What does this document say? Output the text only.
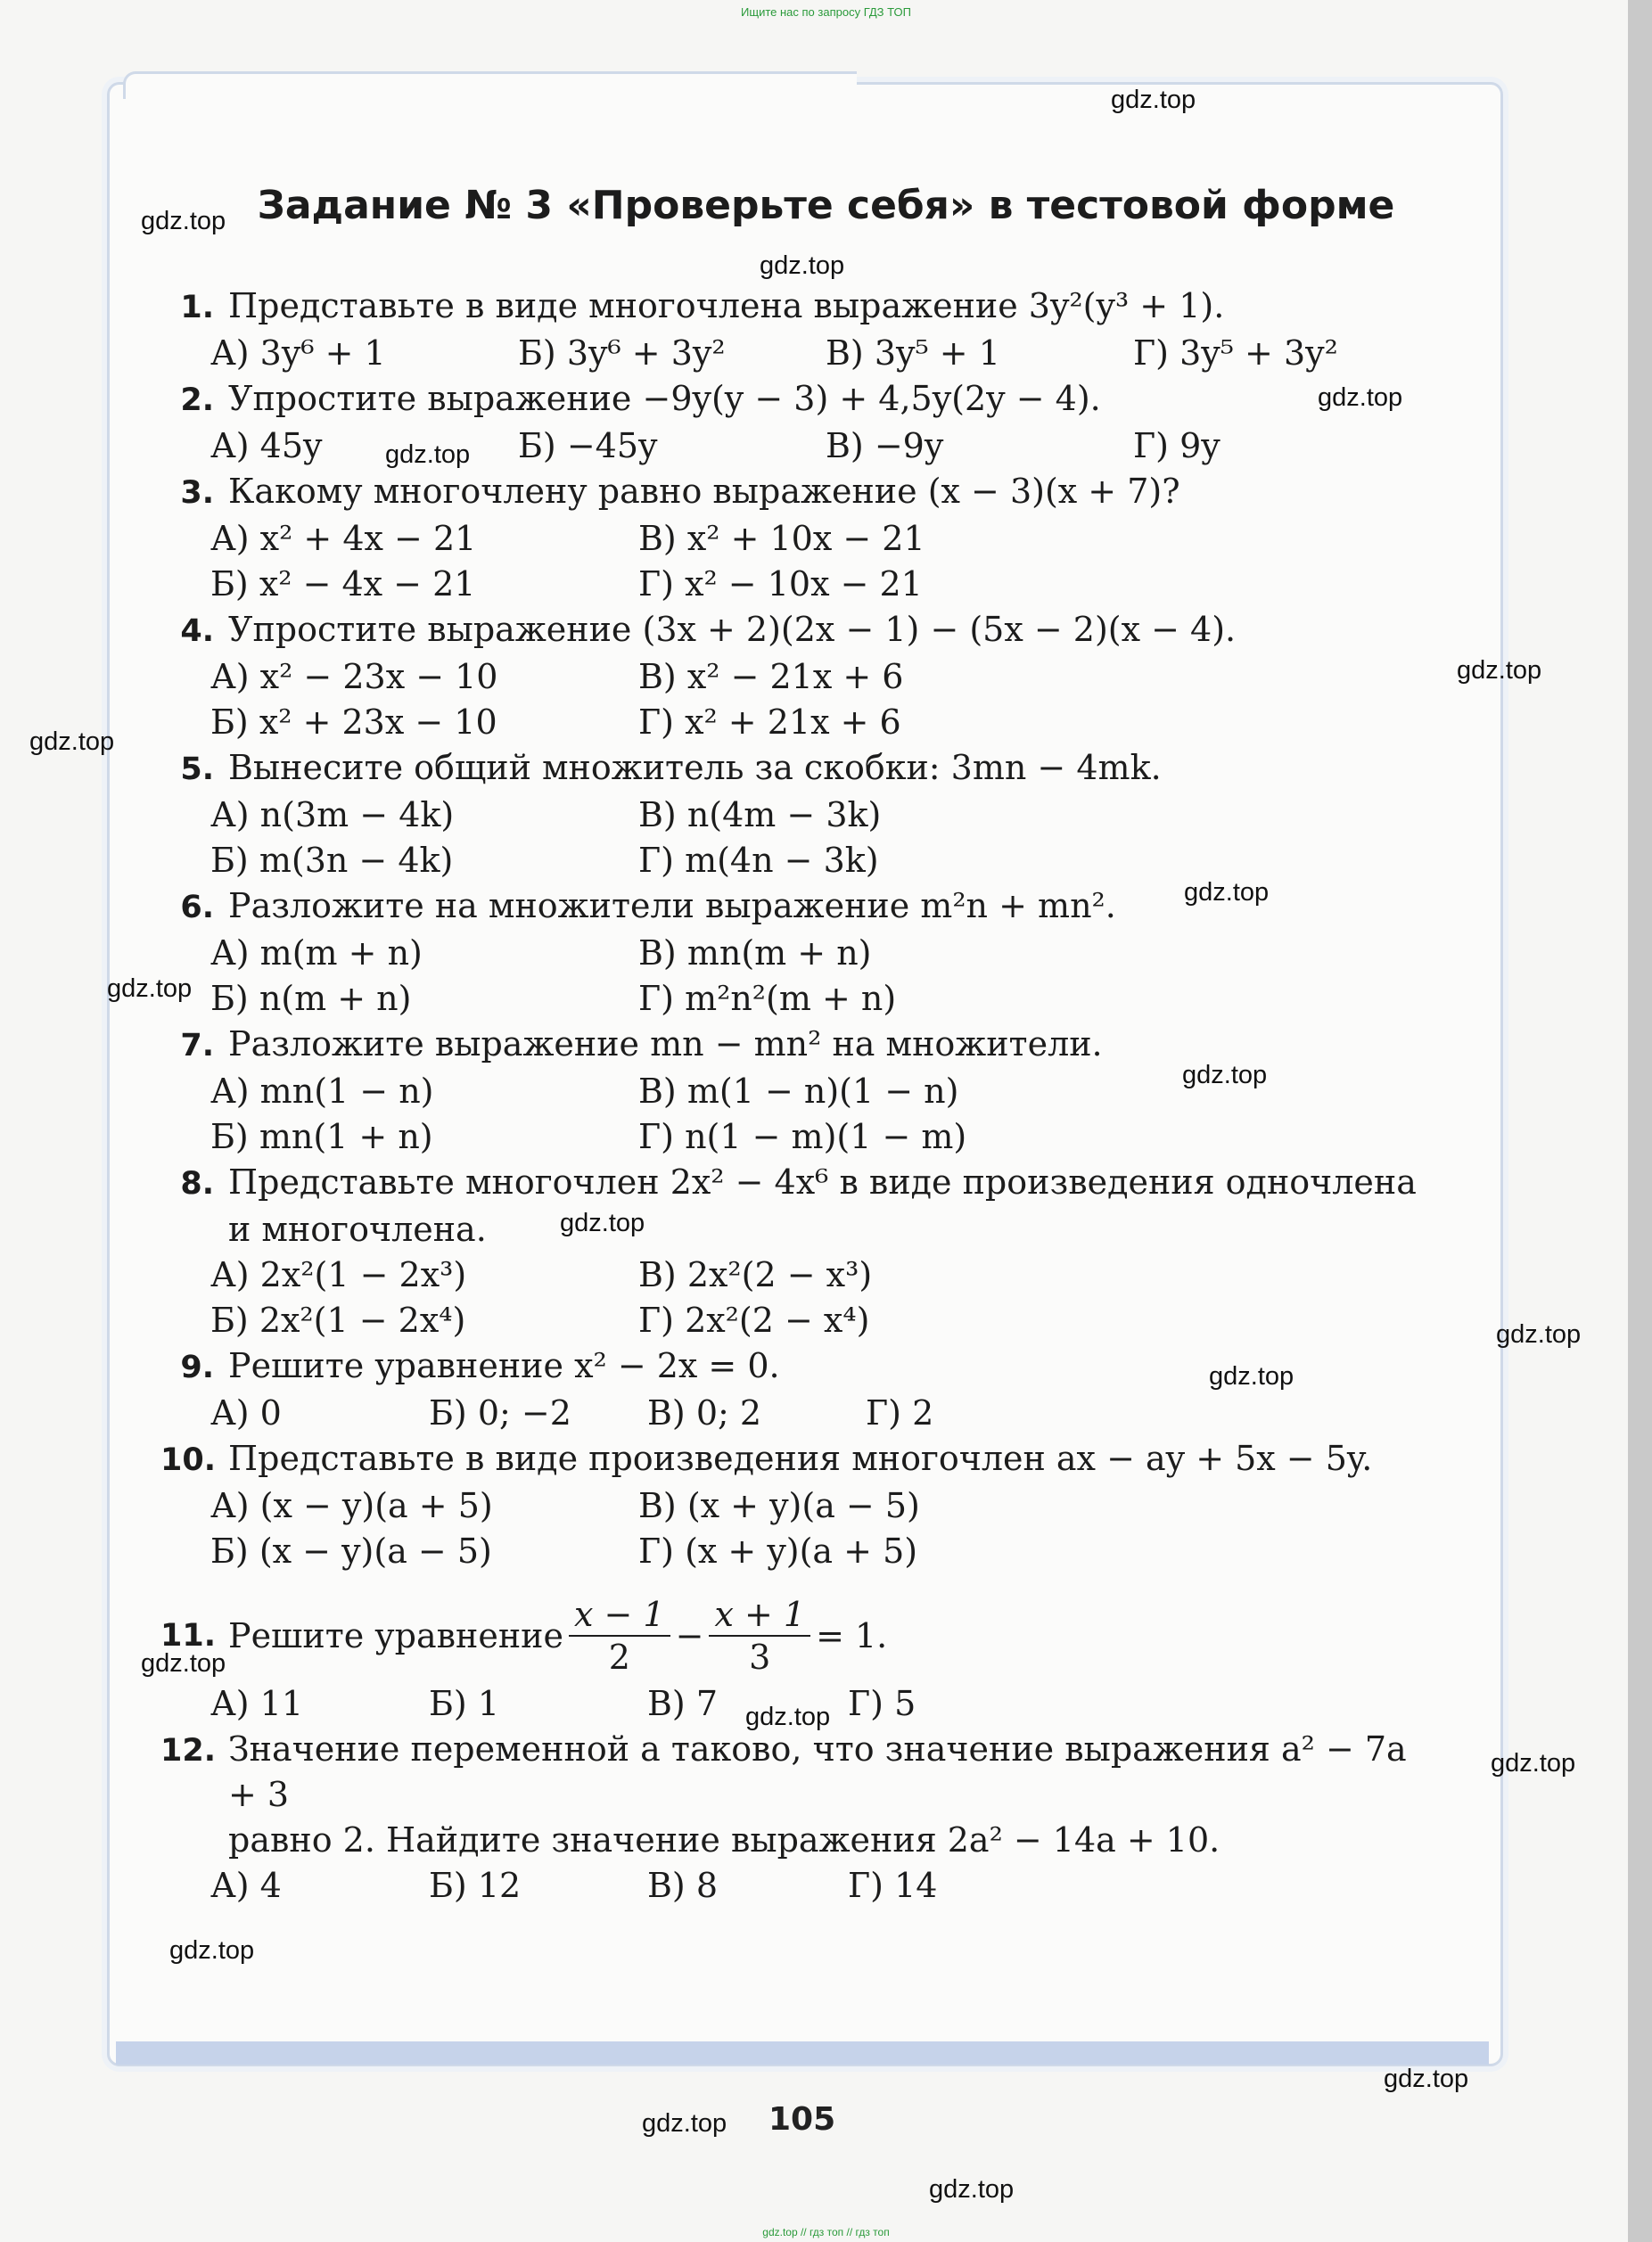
Ищите нас по запросу ГДЗ ТОП
Задание № 3 «Проверьте себя» в тестовой форме
1. Представьте в виде многочлена выражение 3y²(y³ + 1).
А) 3y⁶ + 1	Б) 3y⁶ + 3y²	В) 3y⁵ + 1	Г) 3y⁵ + 3y²
2. Упростите выражение −9y(y − 3) + 4,5y(2y − 4).
А) 45y	Б) −45y	В) −9y	Г) 9y
3. Какому многочлену равно выражение (x − 3)(x + 7)?
А) x² + 4x − 21	В) x² + 10x − 21
Б) x² − 4x − 21	Г) x² − 10x − 21
4. Упростите выражение (3x + 2)(2x − 1) − (5x − 2)(x − 4).
А) x² − 23x − 10	В) x² − 21x + 6
Б) x² + 23x − 10	Г) x² + 21x + 6
5. Вынесите общий множитель за скобки: 3mn − 4mk.
А) n(3m − 4k)	В) n(4m − 3k)
Б) m(3n − 4k)	Г) m(4n − 3k)
6. Разложите на множители выражение m²n + mn².
А) m(m + n)	В) mn(m + n)
Б) n(m + n)	Г) m²n²(m + n)
7. Разложите выражение mn − mn² на множители.
А) mn(1 − n)	В) m(1 − n)(1 − n)
Б) mn(1 + n)	Г) n(1 − m)(1 − m)
8. Представьте многочлен 2x² − 4x⁶ в виде произведения одночлена
и многочлена.
А) 2x²(1 − 2x³)	В) 2x²(2 − x³)
Б) 2x²(1 − 2x⁴)	Г) 2x²(2 − x⁴)
9. Решите уравнение x² − 2x = 0.
А) 0	Б) 0; −2	В) 0; 2	Г) 2
10. Представьте в виде произведения многочлен ax − ay + 5x − 5y.
А) (x − y)(a + 5)	В) (x + y)(a − 5)
Б) (x − y)(a − 5)	Г) (x + y)(a + 5)
11. Решите уравнение $\frac{x - 1}{2} - \frac{x + 1}{3} = 1$.
А) 11	Б) 1	В) 7	Г) 5
12. Значение переменной a таково, что значение выражения a² − 7a + 3
равно 2. Найдите значение выражения 2a² − 14a + 10.
А) 4	Б) 12	В) 8	Г) 14
gdz.top
gdz.top
gdz.top
gdz.top
gdz.top
gdz.top
gdz.top
gdz.top
gdz.top
gdz.top
gdz.top
gdz.top
gdz.top
gdz.top
gdz.top
gdz.top
gdz.top
gdz.top
gdz.top
gdz.top
105
gdz.top // гдз топ // гдз топ
